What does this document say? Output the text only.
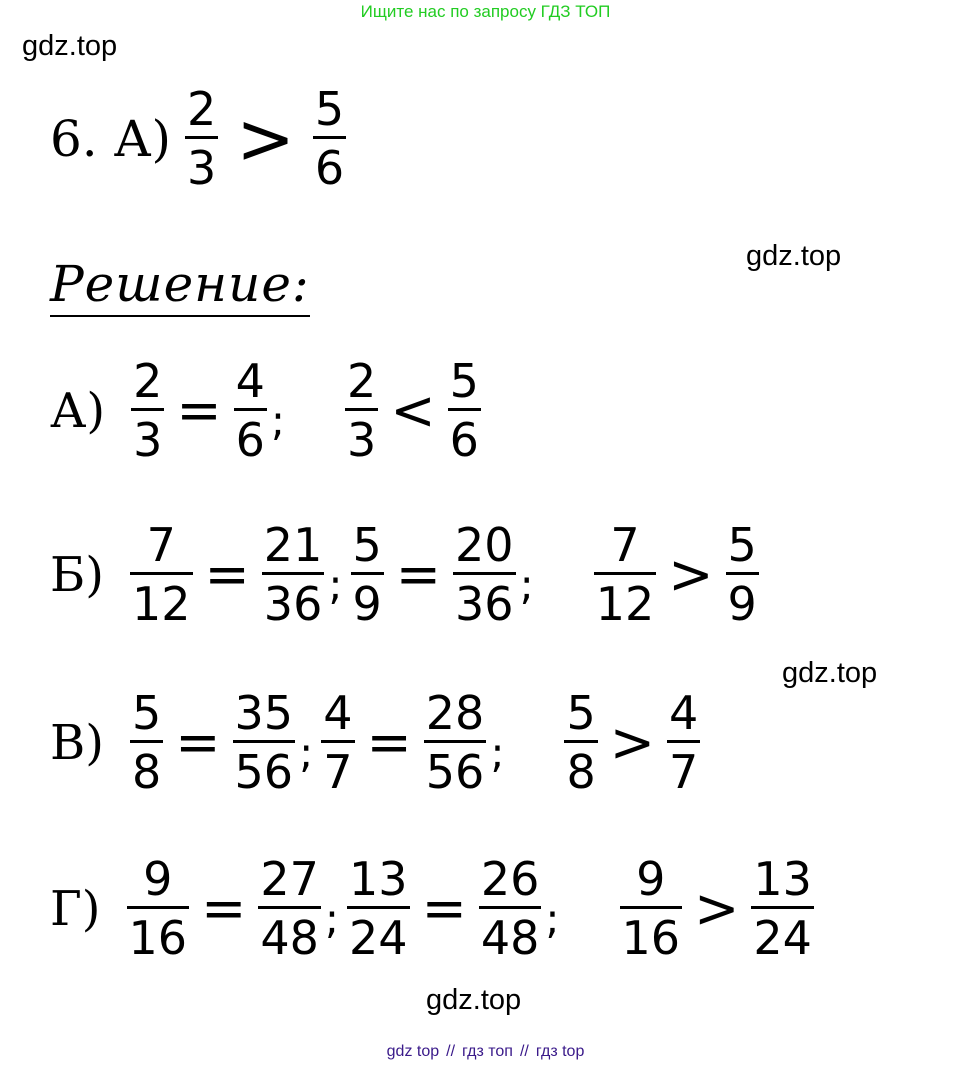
Ищите нас по запросу ГДЗ ТОП
gdz.top
gdz.top
gdz.top
gdz.top
6. $А) \frac{2}{3} > \frac{5}{6}$
Решение:
$А) \frac{2}{3} = \frac{4}{6}$ ; $\frac{2}{3} < \frac{5}{6}$
$Б) \frac{7}{12} = \frac{21}{36}$ ; $\frac{5}{9} = \frac{20}{36}$ ; $\frac{7}{12} > \frac{5}{9}$
$В) \frac{5}{8} = \frac{35}{56}$ ; $\frac{4}{7} = \frac{28}{56}$ ; $\frac{5}{8} > \frac{4}{7}$
$Г) \frac{9}{16} = \frac{27}{48}$ ; $\frac{13}{24} = \frac{26}{48}$ ; $\frac{9}{16} > \frac{13}{24}$
gdz top // гдз топ // гдз top
